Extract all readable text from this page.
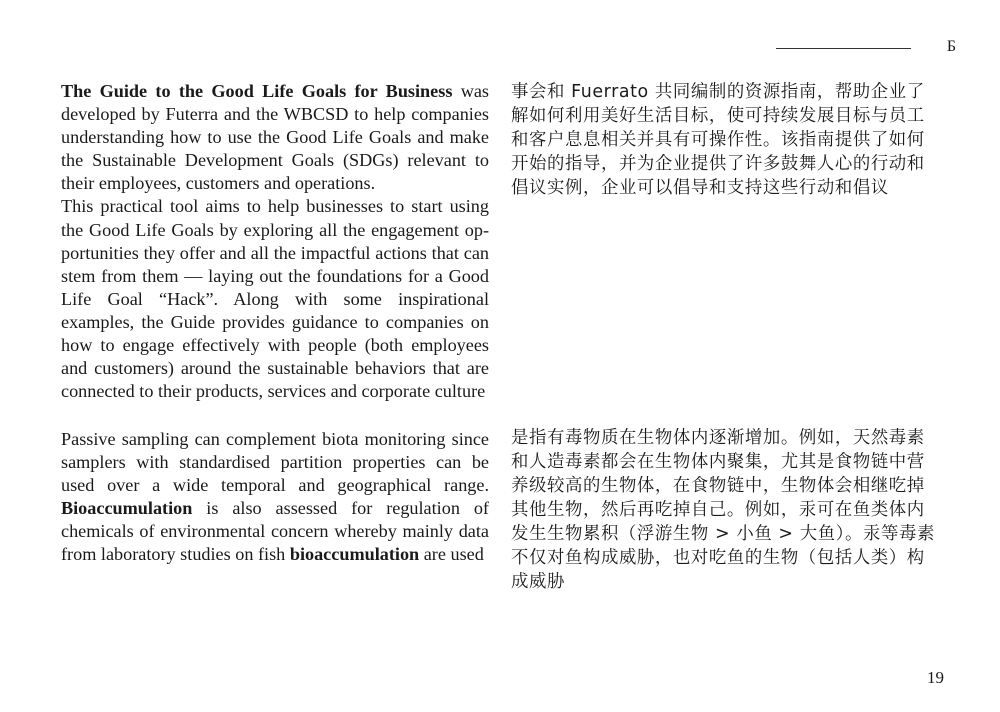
Б

The Guide to the Good Life Goals for Business was developed by Futerra and the WBCSD to help companies understanding how to use the Good Life Goals and make the Sustainable Development Goals (SDGs) relevant to their employees, customers and operations.

This practical tool aims to help businesses to start using the Good Life Goals by exploring all the engagement opportunities they offer and all the impactful actions that can stem from them — laying out the foundations for a Good Life Goal “Hack”. Along with some inspirational examples, the Guide provides guidance to companies on how to engage effectively with people (both employees and customers) around the sustainable behaviors that are connected to their products, services and corporate culture

Passive sampling can complement biota monitoring since samplers with standardised partition properties can be used over a wide temporal and geographical range. Bioaccumulation is also assessed for regulation of chemicals of environmental concern whereby mainly data from laboratory studies on fish bioaccumulation are used

事会和 Fuerrato 共同编制的资源指南，帮助企业了解如何利用美好生活目标，使可持续发展目标与员工和客户息息相关并具有可操作性。该指南提供了如何开始的指导，并为企业提供了许多鼓舞人心的行动和倡议实例，企业可以倡导和支持这些行动和倡议
是指有毒物质在生物体内逐渐增加。例如，天然毒素和人造毒素都会在生物体内聚集，尤其是食物链中营养级较高的生物体，在食物链中，生物体会相继吃掉其他生物，然后再吃掉自己。例如，汞可在鱼类体内发生生物累积（浮游生物 > 小鱼 > 大鱼）。汞等毒素不仅对鱼构成威胁，也对吃鱼的生物（包括人类）构成威胁
19
